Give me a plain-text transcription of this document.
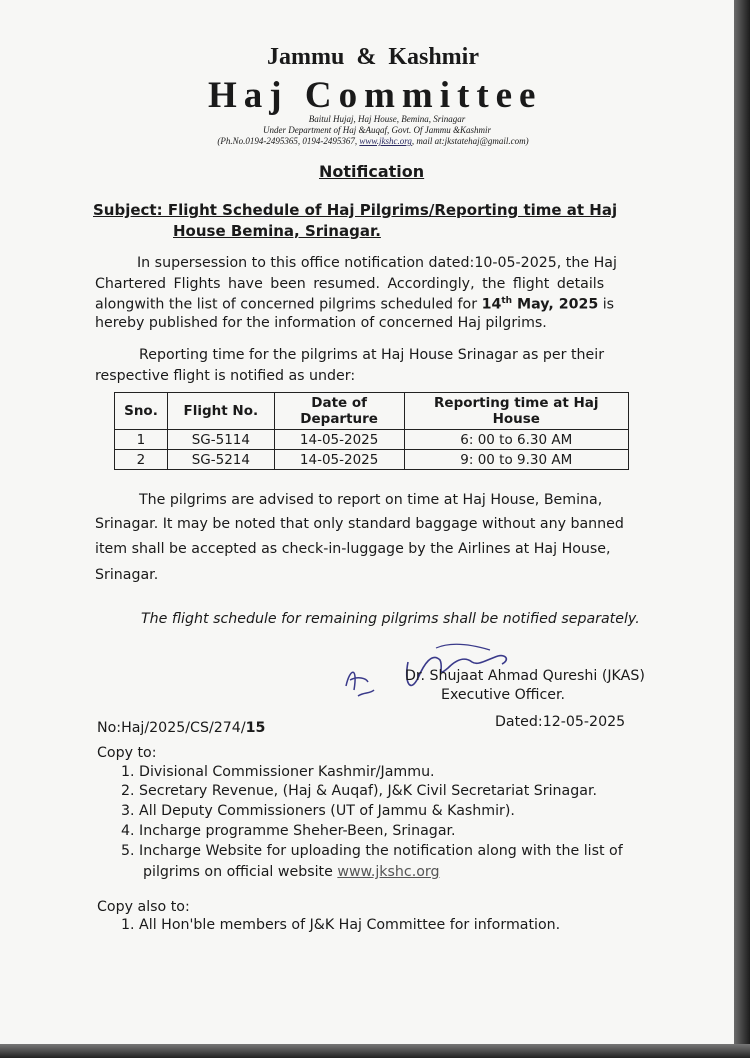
Jammu & Kashmir
Haj Committee
Baitul Hujaj, Haj House, Bemina, Srinagar
Under Department of Haj &Auqaf, Govt. Of Jammu &Kashmir
(Ph.No.0194-2495365, 0194-2495367, www.jkshc.org, mail at:jkstatehaj@gmail.com)
Notification
Subject: Flight Schedule of Haj Pilgrims/Reporting time at Haj
House Bemina, Srinagar.
In supersession to this office notification dated:10-05-2025, the Haj
Chartered Flights have been resumed. Accordingly, the flight details
alongwith the list of concerned pilgrims scheduled for 14th May, 2025 is
hereby published for the information of concerned Haj pilgrims.
Reporting time for the pilgrims at Haj House Srinagar as per their
respective flight is notified as under:
Sno.	Flight No.	Date of Departure	Reporting time at Haj House
1	SG-5114	14-05-2025	6: 00 to 6.30 AM
2	SG-5214	14-05-2025	9: 00 to 9.30 AM
The pilgrims are advised to report on time at Haj House, Bemina,
Srinagar. It may be noted that only standard baggage without any banned
item shall be accepted as check-in-luggage by the Airlines at Haj House,
Srinagar.
The flight schedule for remaining pilgrims shall be notified separately.
Dr. Shujaat Ahmad Qureshi (JKAS)
Executive Officer.
No:Haj/2025/CS/274/15	Dated:12-05-2025
Copy to:
1. Divisional Commissioner Kashmir/Jammu.
2. Secretary Revenue, (Haj & Auqaf), J&K Civil Secretariat Srinagar.
3. All Deputy Commissioners (UT of Jammu & Kashmir).
4. Incharge programme Sheher-Been, Srinagar.
5. Incharge Website for uploading the notification along with the list of
pilgrims on official website www.jkshc.org
Copy also to:
1. All Hon'ble members of J&K Haj Committee for information.
